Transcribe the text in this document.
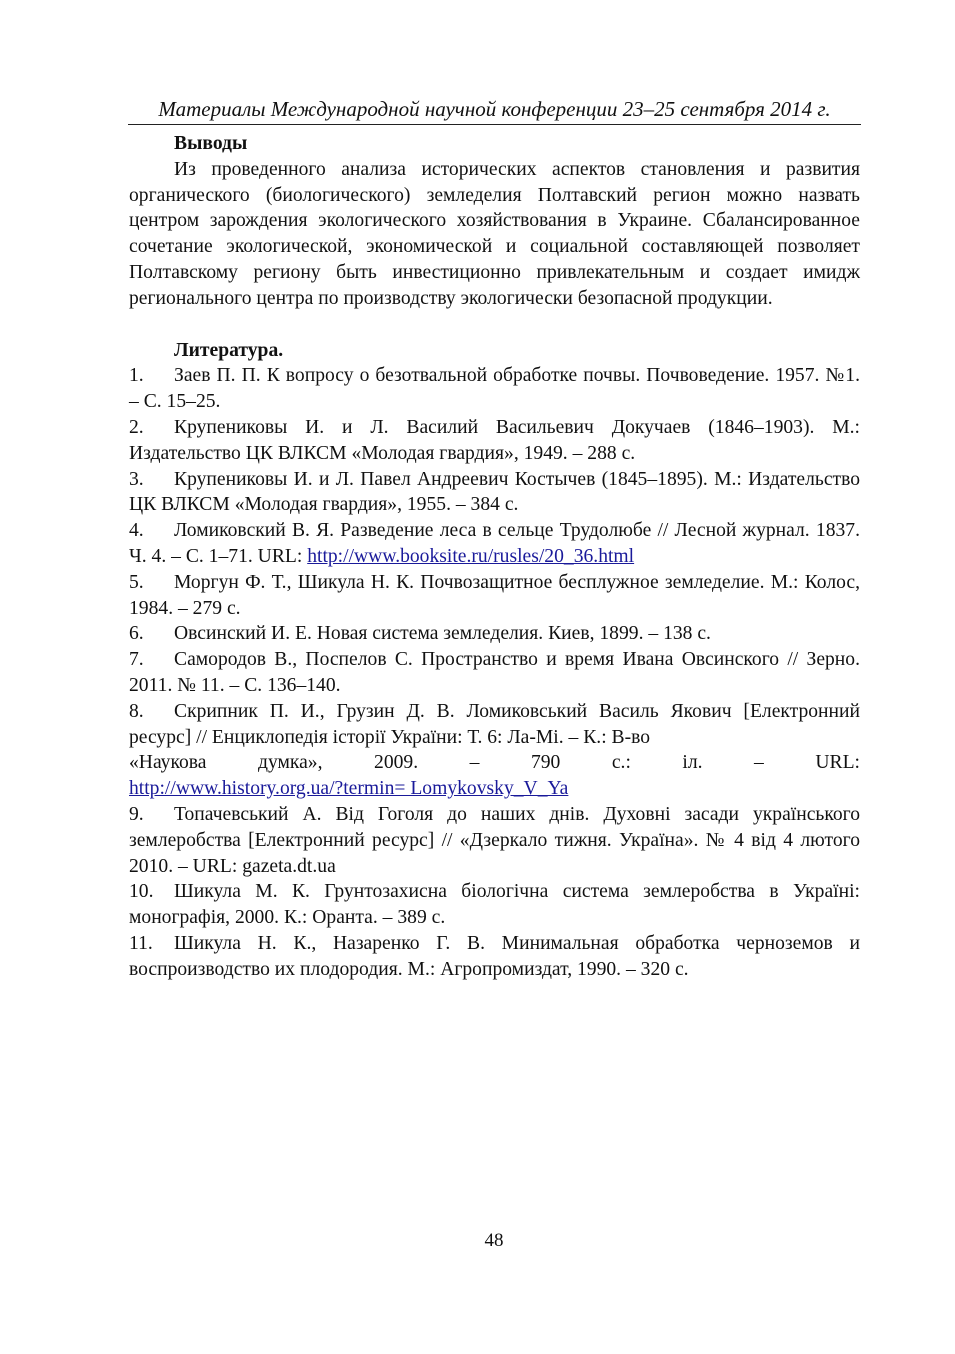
Материалы Международной научной конференции 23–25 сентября 2014 г.

Выводы

Из проведенного анализа исторических аспектов становления и развития органического (биологического) земледелия Полтавский регион можно назвать центром зарождения экологического хозяйствования в Украине. Сбалансированное сочетание экологической, экономической и социальной составляющей позволяет Полтавскому региону быть инвестиционно привлекательным и создает имидж регионального центра по производству экологически безопасной продукции.

Литература.

1. Заев П. П. К вопросу о безотвальной обработке почвы. Почвоведение. 1957. №1. – С. 15–25.

2. Крупениковы И. и Л. Василий Васильевич Докучаев (1846–1903). М.: Издательство ЦК ВЛКСМ «Молодая гвардия», 1949. – 288 с.

3. Крупениковы И. и Л. Павел Андреевич Костычев (1845–1895). М.: Издательство ЦК ВЛКСМ «Молодая гвардия», 1955. – 384 с.

4. Ломиковский В. Я. Разведение леса в сельце Трудолюбе // Лесной журнал. 1837. Ч. 4. – С. 1–71. URL: http://www.booksite.ru/rusles/20_36.html

5. Моргун Ф. Т., Шикула Н. К. Почвозащитное бесплужное земледелие. М.: Колос, 1984. – 279 с.

6. Овсинский И. Е. Новая система земледелия. Киев, 1899. – 138 с.

7. Самородов В., Поспелов С. Пространство и время Ивана Овсинского // Зерно. 2011. № 11. – С. 136–140.

8. Скрипник П. И., Грузин Д. В. Ломиковський Василь Якович [Електронний ресурс] // Енциклопедія історії України: Т. 6: Ла-Мі. – К.: В-во
«Наукова думка», 2009. – 790 с.: іл. – URL:
http://www.history.org.ua/?termin= Lomykovsky_V_Ya

9. Топачевський А. Від Гоголя до наших днів. Духовні засади українського землеробства [Електронний ресурс] // «Дзеркало тижня. Україна». № 4 від 4 лютого 2010. – URL: gazeta.dt.ua

10. Шикула М. К. Грунтозахисна біологічна система землеробства в Україні: монографія, 2000. К.: Оранта. – 389 с.

11. Шикула Н. К., Назаренко Г. В. Минимальная обработка черноземов и воспроизводство их плодородия. М.: Агропромиздат, 1990. – 320 с.

48
